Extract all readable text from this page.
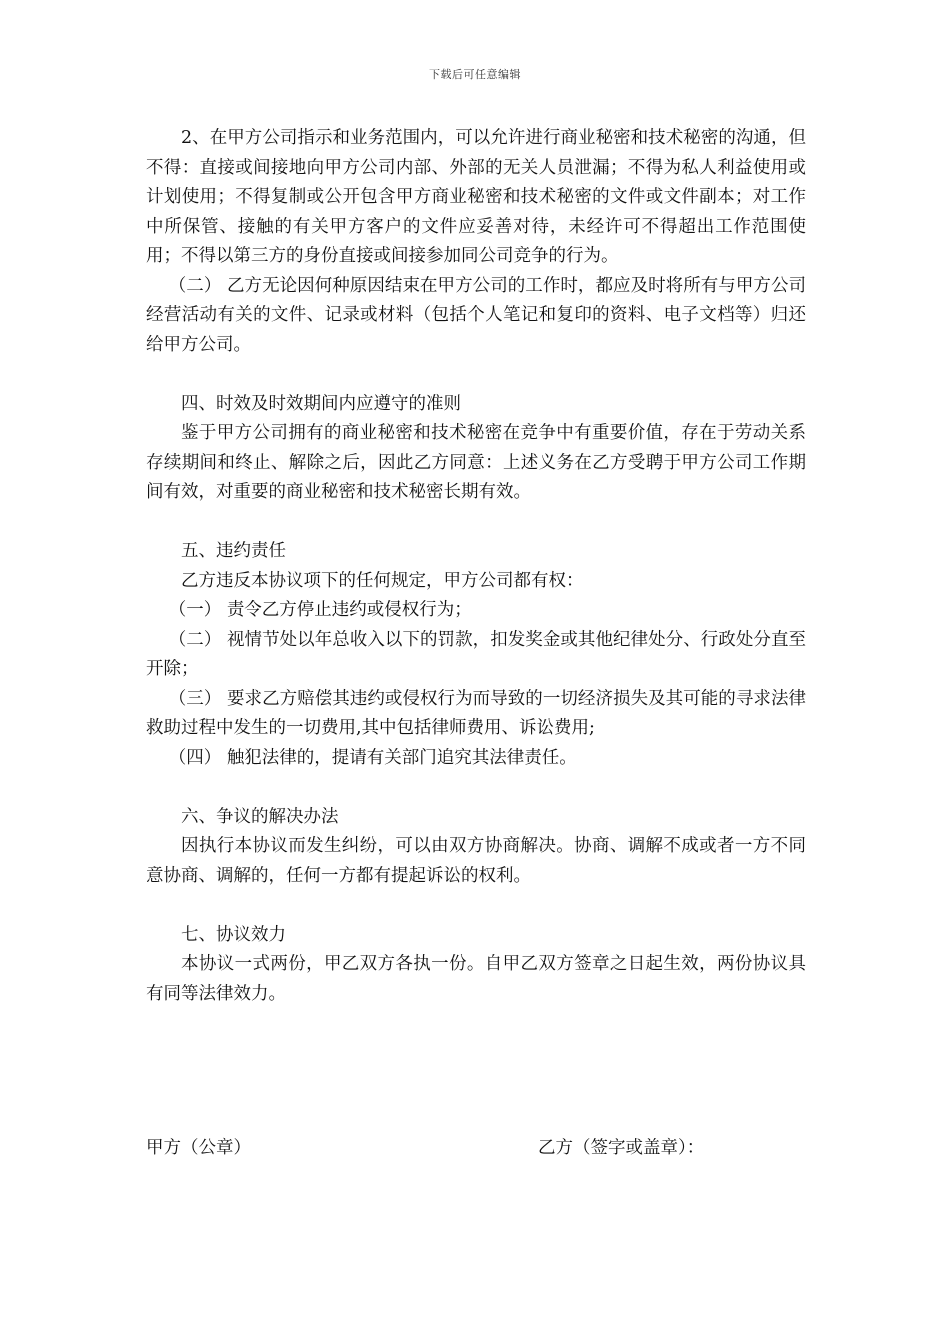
下载后可任意编辑

2、在甲方公司指示和业务范围内，可以允许进行商业秘密和技术秘密的沟通，但不得：直接或间接地向甲方公司内部、外部的无关人员泄漏；不得为私人利益使用或计划使用；不得复制或公开包含甲方商业秘密和技术秘密的文件或文件副本；对工作中所保管、接触的有关甲方客户的文件应妥善对待，未经许可不得超出工作范围使用；不得以第三方的身份直接或间接参加同公司竞争的行为。

（二） 乙方无论因何种原因结束在甲方公司的工作时，都应及时将所有与甲方公司经营活动有关的文件、记录或材料（包括个人笔记和复印的资料、电子文档等）归还给甲方公司。

四、时效及时效期间内应遵守的准则

鉴于甲方公司拥有的商业秘密和技术秘密在竞争中有重要价值，存在于劳动关系存续期间和终止、解除之后，因此乙方同意：上述义务在乙方受聘于甲方公司工作期间有效，对重要的商业秘密和技术秘密长期有效。

五、违约责任

乙方违反本协议项下的任何规定，甲方公司都有权：

（一） 责令乙方停止违约或侵权行为；

（二） 视情节处以年总收入以下的罚款，扣发奖金或其他纪律处分、行政处分直至开除；

（三） 要求乙方赔偿其违约或侵权行为而导致的一切经济损失及其可能的寻求法律救助过程中发生的一切费用,其中包括律师费用、诉讼费用;

（四） 触犯法律的，提请有关部门追究其法律责任。

六、争议的解决办法

因执行本协议而发生纠纷，可以由双方协商解决。协商、调解不成或者一方不同意协商、调解的，任何一方都有提起诉讼的权利。

七、协议效力

本协议一式两份，甲乙双方各执一份。自甲乙双方签章之日起生效，两份协议具有同等法律效力。

甲方（公章）	乙方（签字或盖章）：
